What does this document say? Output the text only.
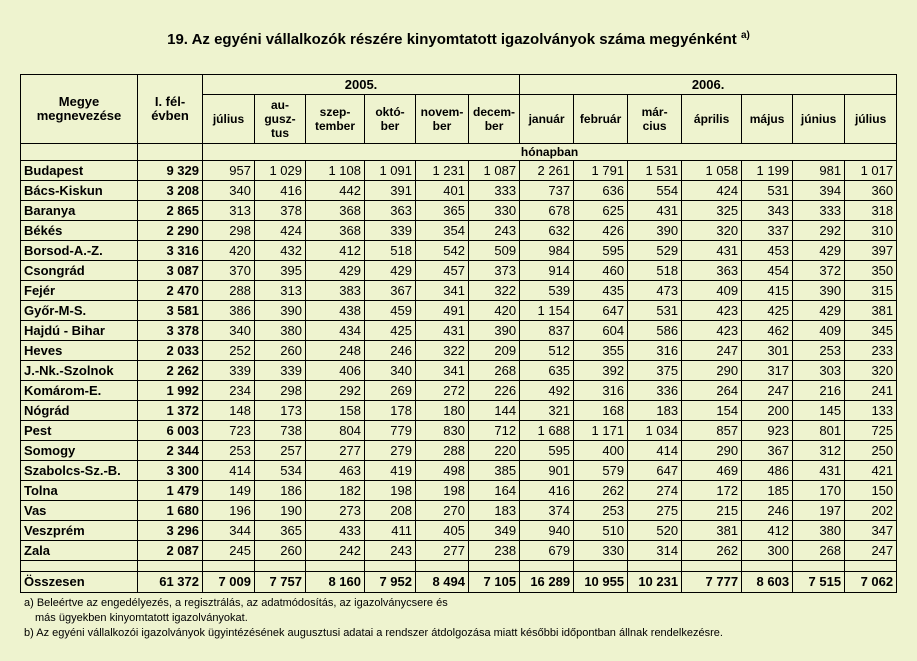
19. Az egyéni vállalkozók részére kinyomtatott igazolványok száma megyénként $^{a)}$
Megye megnevezése	I. fél-évben	2005.						2006.						
		július	au-gusz-tus	szep-tember	októ-ber	novem-ber	decem-ber	január	február	már-cius	április	május	június	július
		hónapban												
Budapest	9 329	957	1 029	1 108	1 091	1 231	1 087	2 261	1 791	1 531	1 058	1 199	981	1 017
Bács-Kiskun	3 208	340	416	442	391	401	333	737	636	554	424	531	394	360
Baranya	2 865	313	378	368	363	365	330	678	625	431	325	343	333	318
Békés	2 290	298	424	368	339	354	243	632	426	390	320	337	292	310
Borsod-A.-Z.	3 316	420	432	412	518	542	509	984	595	529	431	453	429	397
Csongrád	3 087	370	395	429	429	457	373	914	460	518	363	454	372	350
Fejér	2 470	288	313	383	367	341	322	539	435	473	409	415	390	315
Győr-M-S.	3 581	386	390	438	459	491	420	1 154	647	531	423	425	429	381
Hajdú - Bihar	3 378	340	380	434	425	431	390	837	604	586	423	462	409	345
Heves	2 033	252	260	248	246	322	209	512	355	316	247	301	253	233
J.-Nk.-Szolnok	2 262	339	339	406	340	341	268	635	392	375	290	317	303	320
Komárom-E.	1 992	234	298	292	269	272	226	492	316	336	264	247	216	241
Nógrád	1 372	148	173	158	178	180	144	321	168	183	154	200	145	133
Pest	6 003	723	738	804	779	830	712	1 688	1 171	1 034	857	923	801	725
Somogy	2 344	253	257	277	279	288	220	595	400	414	290	367	312	250
Szabolcs-Sz.-B.	3 300	414	534	463	419	498	385	901	579	647	469	486	431	421
Tolna	1 479	149	186	182	198	198	164	416	262	274	172	185	170	150
Vas	1 680	196	190	273	208	270	183	374	253	275	215	246	197	202
Veszprém	3 296	344	365	433	411	405	349	940	510	520	381	412	380	347
Zala	2 087	245	260	242	243	277	238	679	330	314	262	300	268	247

Összesen	61 372	7 009	7 757	8 160	7 952	8 494	7 105	16 289	10 955	10 231	7 777	8 603	7 515	7 062
a) Beleértve az engedélyezés, a regisztrálás, az adatmódosítás, az igazolványcsere és
más ügyekben kinyomtatott igazolványokat.
b) Az egyéni vállalkozói igazolványok ügyintézésének augusztusi adatai a rendszer átdolgozása miatt későbbi időpontban állnak rendelkezésre.
